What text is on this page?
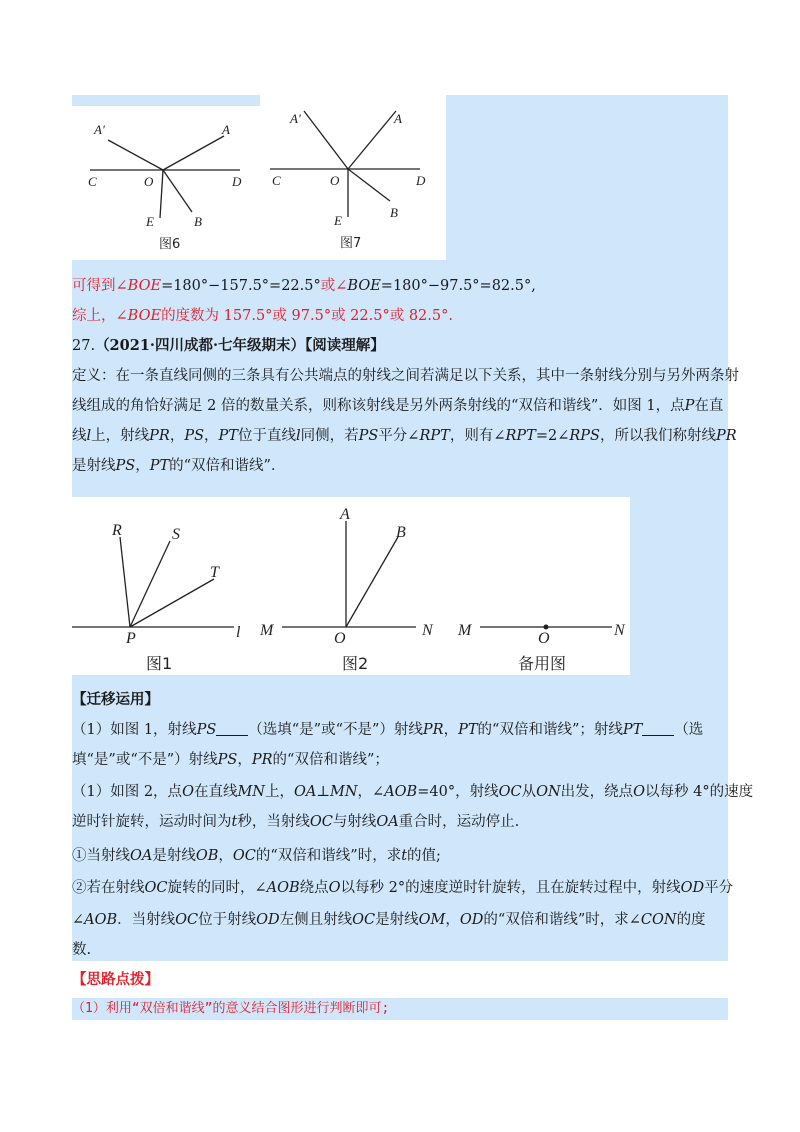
A'	A
C	O	D
E	B
图6
A'	A
C	O	D
E
B
图7
可得到∠BOE=180°−157.5°=22.5°或∠BOE=180°−97.5°=82.5°,
综上，∠BOE的度数为 157.5°或 97.5°或 22.5°或 82.5°.
27.（2021·四川成都·七年级期末）【阅读理解】
定义：在一条直线同侧的三条具有公共端点的射线之间若满足以下关系，其中一条射线分别与另外两条射
线组成的角恰好满足 2 倍的数量关系，则称该射线是另外两条射线的“双倍和谐线”．如图 1，点P在直
线l上，射线PR，PS，PT位于直线l同侧，若PS平分∠RPT，则有∠RPT=2∠RPS，所以我们称射线PR
是射线PS，PT的“双倍和谐线”．
R	S
T
P	l
图1
A
B
M	O	N
图2
M	O	N
备用图
【迁移运用】
（1）如图 1，射线PS （选填“是”或“不是”）射线PR，PT的“双倍和谐线”；射线PT （选
填“是”或“不是”）射线PS，PR的“双倍和谐线”；
（1）如图 2，点O在直线MN上，OA⊥MN，∠AOB=40°，射线OC从ON出发，绕点O以每秒 4°的速度
逆时针旋转，运动时间为t秒，当射线OC与射线OA重合时，运动停止.
①当射线OA是射线OB，OC的“双倍和谐线”时，求t的值;
②若在射线OC旋转的同时，∠AOB绕点O以每秒 2°的速度逆时针旋转，且在旋转过程中，射线OD平分
∠AOB．当射线OC位于射线OD左侧且射线OC是射线OM，OD的“双倍和谐线”时，求∠CON的度
数.
【思路点拨】
（1）利用“双倍和谐线”的意义结合图形进行判断即可;
